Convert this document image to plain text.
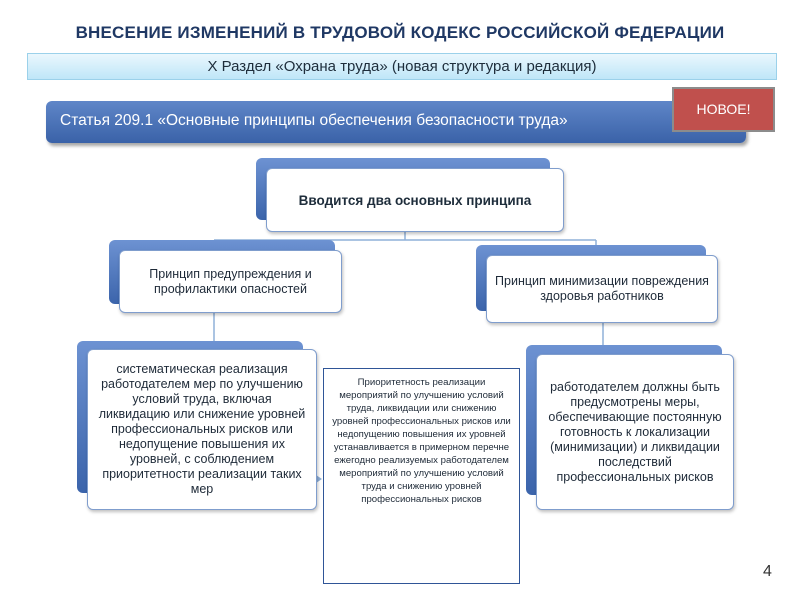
ВНЕСЕНИЕ ИЗМЕНЕНИЙ В ТРУДОВОЙ КОДЕКС РОССИЙСКОЙ ФЕДЕРАЦИИ
X Раздел «Охрана труда» (новая структура и редакция)
Статья 209.1 «Основные принципы обеспечения безопасности труда»
НОВОЕ!
Вводится два основных принципа
Принцип предупреждения и профилактики опасностей
Принцип минимизации повреждения здоровья работников
систематическая реализация работодателем мер по улучшению условий труда, включая ликвидацию или снижение уровней профессиональных рисков или недопущение повышения их уровней, с соблюдением приоритетности реализации таких мер
работодателем должны быть предусмотрены меры, обеспечивающие постоянную готовность к локализации (минимизации) и ликвидации последствий профессиональных рисков
Приоритетность реализации мероприятий по улучшению условий труда, ликвидации или снижению уровней профессиональных рисков или недопущению повышения их уровней устанавливается в примерном перечне ежегодно реализуемых работодателем мероприятий по улучшению условий труда и снижению уровней профессиональных рисков
4
